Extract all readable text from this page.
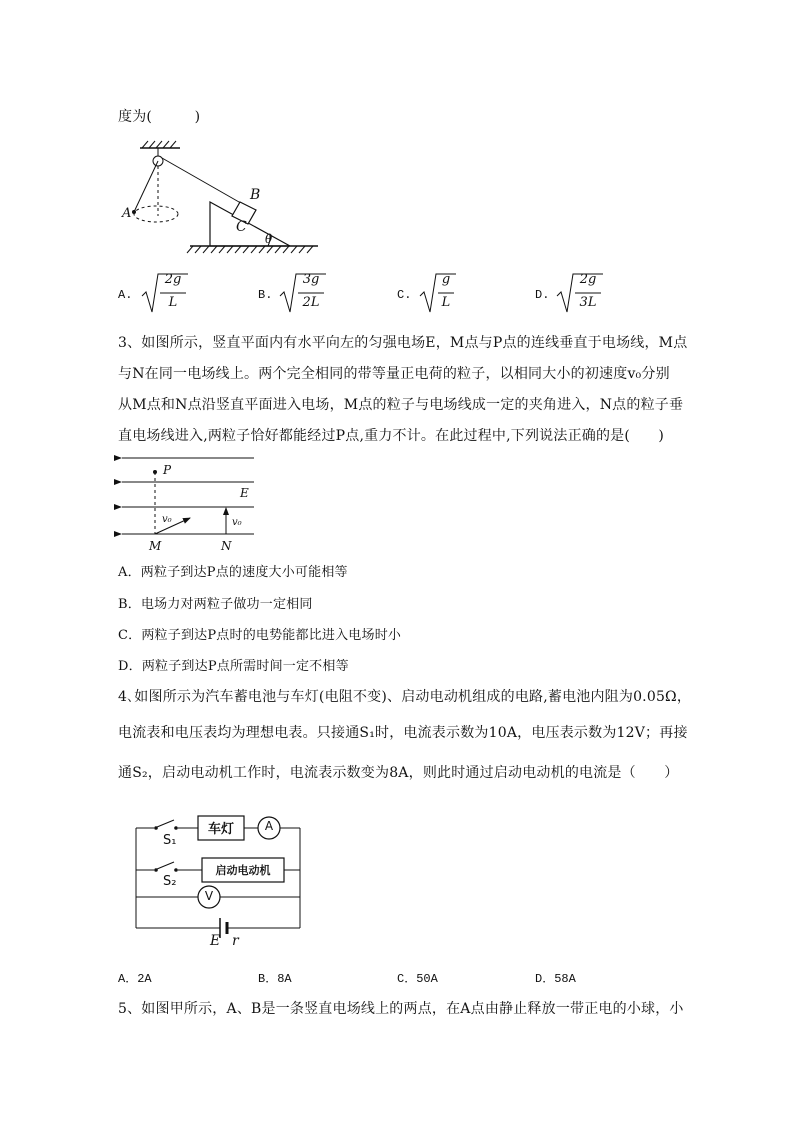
度为(　　　)
B
C
A
θ
A.
2g
L	B.
3g
2L	C.
g
L	D.
2g
3L
3、如图所示，竖直平面内有水平向左的匀强电场E，M点与P点的连线垂直于电场线，M点
与N在同一电场线上。两个完全相同的带等量正电荷的粒子，以相同大小的初速度v₀分别
从M点和N点沿竖直平面进入电场，M点的粒子与电场线成一定的夹角进入，N点的粒子垂
直电场线进入,两粒子恰好都能经过P点,重力不计。在此过程中,下列说法正确的是(　　)
P
E
v₀	v₀
M	N
A．两粒子到达P点的速度大小可能相等
B．电场力对两粒子做功一定相同
C．两粒子到达P点时的电势能都比进入电场时小
D．两粒子到达P点所需时间一定不相等
4､如图所示为汽车蓄电池与车灯(电阻不变)、启动电动机组成的电路,蓄电池内阻为0.05Ω，
电流表和电压表均为理想电表。只接通S₁时，电流表示数为10A，电压表示数为12V；再接
通S₂，启动电动机工作时，电流表示数变为8A，则此时通过启动电动机的电流是（　　）
车灯	A
启动电动机
V
S₁
S₂
E r
A．2A	B．8A	C．50A	D．58A
5、如图甲所示，A、B是一条竖直电场线上的两点，在A点由静止释放一带正电的小球，小
